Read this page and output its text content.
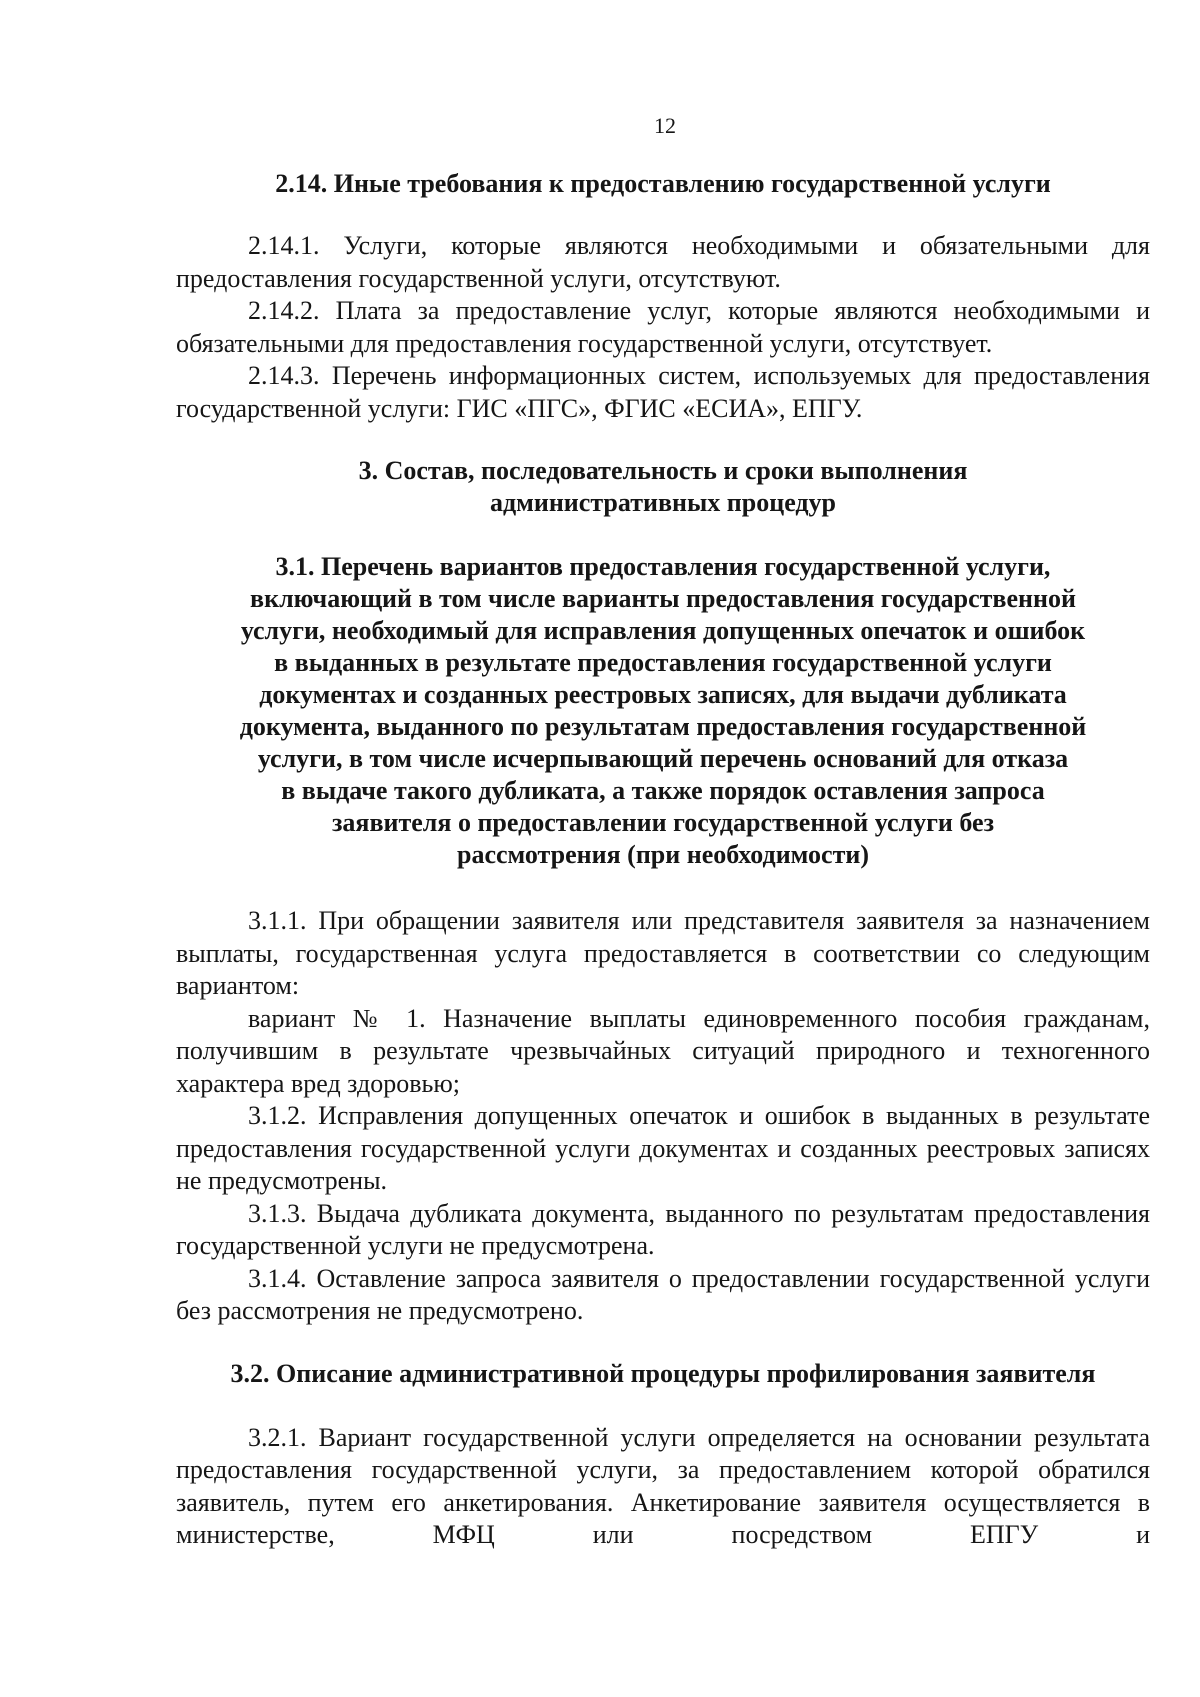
12
2.14. Иные требования к предоставлению государственной услуги

2.14.1. Услуги, которые являются необходимыми и обязательными для предоставления государственной услуги, отсутствуют.

2.14.2. Плата за предоставление услуг, которые являются необходимыми и обязательными для предоставления государственной услуги, отсутствует.

2.14.3. Перечень информационных систем, используемых для предоставления государственной услуги: ГИС «ПГС», ФГИС «ЕСИА», ЕПГУ.

3. Состав, последовательность и сроки выполнения
административных процедур
3.1. Перечень вариантов предоставления государственной услуги,
включающий в том числе варианты предоставления государственной
услуги, необходимый для исправления допущенных опечаток и ошибок
в выданных в результате предоставления государственной услуги
документах и созданных реестровых записях, для выдачи дубликата
документа, выданного по результатам предоставления государственной
услуги, в том числе исчерпывающий перечень оснований для отказа
в выдаче такого дубликата, а также порядок оставления запроса
заявителя о предоставлении государственной услуги без
рассмотрения (при необходимости)

3.1.1. При обращении заявителя или представителя заявителя за назначением выплаты, государственная услуга предоставляется в соответствии со следующим вариантом:

вариант № 1. Назначение выплаты единовременного пособия гражданам, получившим в результате чрезвычайных ситуаций природного и техногенного характера вред здоровью;

3.1.2. Исправления допущенных опечаток и ошибок в выданных в результате предоставления государственной услуги документах и созданных реестровых записях не предусмотрены.

3.1.3. Выдача дубликата документа, выданного по результатам предоставления государственной услуги не предусмотрена.

3.1.4. Оставление запроса заявителя о предоставлении государственной услуги без рассмотрения не предусмотрено.

3.2. Описание административной процедуры профилирования заявителя

3.2.1. Вариант государственной услуги определяется на основании результата предоставления государственной услуги, за предоставлением которой обратился заявитель, путем его анкетирования. Анкетирование заявителя осуществляется в министерстве, МФЦ или посредством ЕПГУ и
